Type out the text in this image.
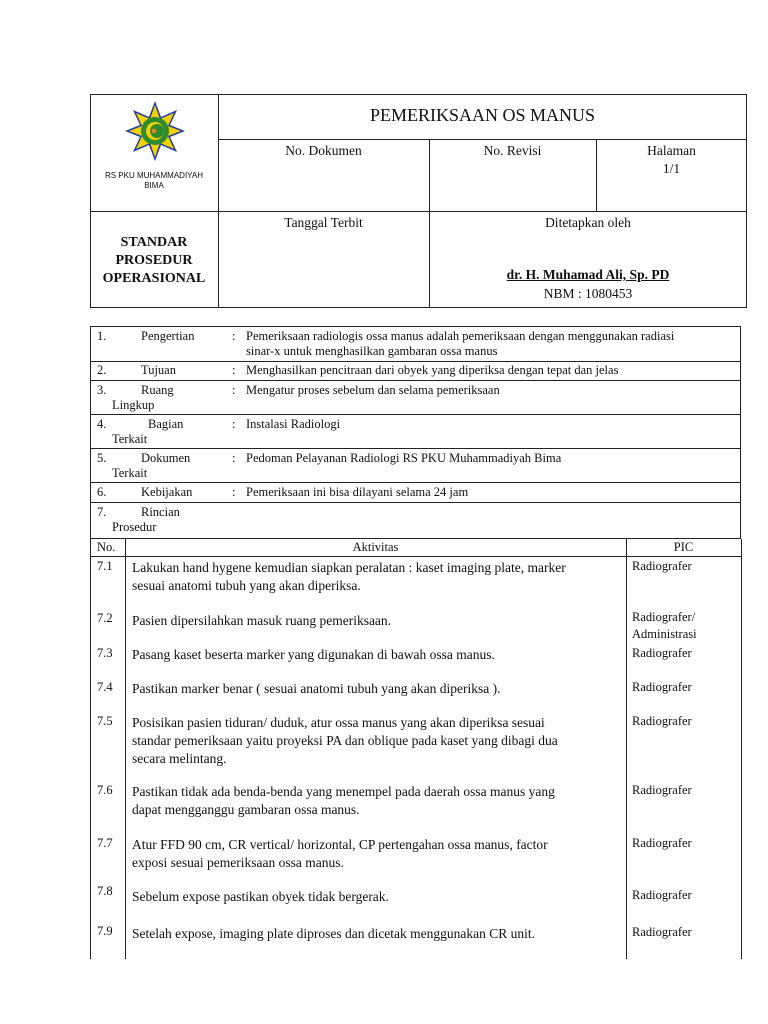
RS PKU MUHAMMADIYAH
BIMA
PEMERIKSAAN OS MANUS
No. Dokumen	No. Revisi	Halaman
1/1
STANDAR
PROSEDUR
OPERASIONAL
Tanggal Terbit	Ditetapkan oleh
dr. H. Muhamad Ali, Sp. PD
NBM : 1080453
1.	Pengertian	: Pemeriksaan radiologis ossa manus adalah pemeriksaan dengan menggunakan radiasi
sinar-x untuk menghasilkan gambaran ossa manus
2.	Tujuan	: Menghasilkan pencitraan dari obyek yang diperiksa dengan tepat dan jelas
3.	Ruang
Lingkup
: Mengatur proses sebelum dan selama pemeriksaan
4.	Bagian
Terkait
: Instalasi Radiologi
5.	Dokumen
Terkait
: Pedoman Pelayanan Radiologi RS PKU Muhammadiyah Bima
6.	Kebijakan	: Pemeriksaan ini bisa dilayani selama 24 jam
7.	Rincian
Prosedur
No.	Aktivitas	PIC
7.1 Lakukan hand hygene kemudian siapkan peralatan : kaset imaging plate, marker
sesuai anatomi tubuh yang akan diperiksa.
Radiografer
7.2 Pasien dipersilahkan masuk ruang pemeriksaan.	Radiografer/
Administrasi
7.3 Pasang kaset beserta marker yang digunakan di bawah ossa manus.	Radiografer
7.4 Pastikan marker benar ( sesuai anatomi tubuh yang akan diperiksa ).	Radiografer
7.5 Posisikan pasien tiduran/ duduk, atur ossa manus yang akan diperiksa sesuai
standar pemeriksaan yaitu proyeksi PA dan oblique pada kaset yang dibagi dua
secara melintang.
Radiografer
7.6 Pastikan tidak ada benda-benda yang menempel pada daerah ossa manus yang
dapat mengganggu gambaran ossa manus.
Radiografer
7.7 Atur FFD 90 cm, CR vertical/ horizontal, CP pertengahan ossa manus, factor
exposi sesuai pemeriksaan ossa manus.
Radiografer
7.8 Sebelum expose pastikan obyek tidak bergerak.	Radiografer
7.9 Setelah expose, imaging plate diproses dan dicetak menggunakan CR unit.	Radiografer
